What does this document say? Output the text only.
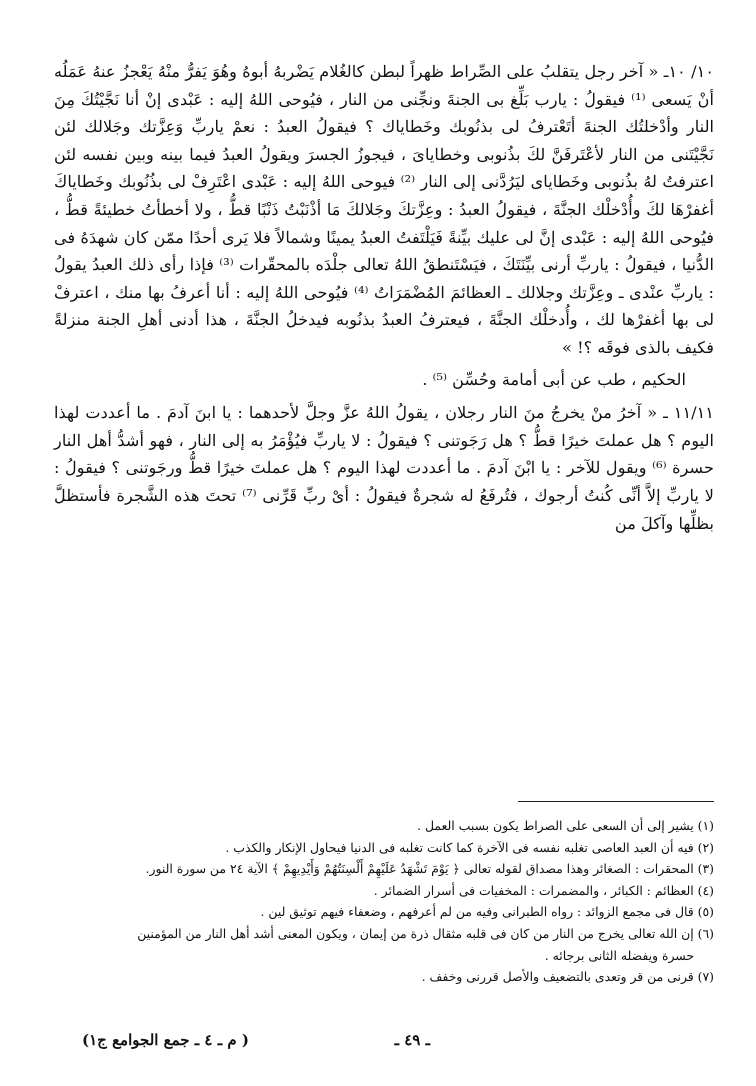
١٠/ ١٠ـ « آخر رجل يتقلبُ على الصِّراط ظهراً لبطن كالغُلام يَضْربهُ أبوهُ وهُوَ يَفرُّ منْهُ يَعْجزُ عنهُ عَمَلُه أنْ يَسعى ⁽¹⁾ فيقولُ : يارب بَلِّغ بى الجنةَ ونجِّنى من النار ، فيُوحى اللهُ إليه : عَبْدى إنْ أنا نَجَّيْتُكَ مِنَ النار وأدْخلتُك الجنةَ أتَعْترفُ لى بذنُوبك وخَطاياك ؟ فيقولُ العبدُ : نعمْ ياربِّ وَعِزَّتك وجَلالك لئن نَجَّيْتَنى من النار لأعْتَرفَنَّ لكَ بذُنوبى وخطاياىَ ، فيجوزُ الجسرَ ويقولُ العبدُ فيما بينه وبين نفسه لئن اعترفتُ لهُ بذُنوبى وخَطاياى ليَرُدَّنى إلى النار ⁽²⁾ فيوحى اللهُ إليه : عَبْدى اعْتَرِفْ لى بذُنُوبك وخَطاياكَ أغفرْهَا لكَ وأُدْخلْك الجنَّةَ ، فيقولُ العبدُ : وعِزَّتكَ وجَلالكَ مَا أذْنَبْتُ ذَنْبًا قطُّ ، ولا أخطأتُ خطيئةً قطُّ ، فيُوحى اللهُ إليه : عَبْدى إنَّ لى عليك بيِّنةً فَيَلْتَفتُ العبدُ يمينًا وشمالاً فلا يَرى أحدًا ممّن كان شهدَهُ فى الدُّنيا ، فيقولُ : ياربِّ أرنى بيِّنَتَكَ ، فيَسْتَنطقُ اللهُ تعالى جلْدَه بالمحقّرات ⁽³⁾ فإذا رأى ذلك العبدُ يقولُ : ياربِّ عنْدى ـ وعِزَّتك وجلالك ـ العظائمَ المُضْمَرَاتُ ⁽⁴⁾ فيُوحى اللهُ إليه : أنا أعرفُ بها منك ، اعترفْ لى بها أغفرْها لك ، وأُدخلْك الجنَّةَ ، فيعترفُ العبدُ بذنُوبه فيدخلُ الجنَّةَ ، هذا أدنى أهلِ الجنة منزلةً فكيف بالذى فوقَه ؟! »

الحكيم ، طب عن أبى أمامة وحُسِّن ⁽⁵⁾ .

١١/١١ ـ « آخرُ منْ يخرجُ منَ النار رجلان ، يقولُ اللهُ عزَّ وجلَّ لأحدهما : يا ابنَ آدمَ . ما أعددت لهذا اليوم ؟ هل عملتَ خيرًا قطُّ ؟ هل رَجَوتنى ؟ فيقولُ : لا ياربِّ فيُؤْمَرُ به إلى النار ، فهو أشدُّ أهل النار حسرة ⁽⁶⁾ ويقول للآخر : يا ابْنَ آدمَ . ما أعددت لهذا اليوم ؟ هل عملتَ خيرًا قطُّ ورجَوتنى ؟ فيقولُ : لا ياربِّ إلاَّ أنِّى كُنتُ أرجوك ، فتُرفَعُ له شجرةٌ فيقولُ : أىْ ربِّ قَرِّنى ⁽⁷⁾ تحتَ هذه الشَّجرة فأستظلَّ بظلِّها وآكلَ من

(١) يشير إلى أن السعى على الصراط يكون بسبب العمل .

(٢) فيه أن العبد العاصى تغلبه نفسه فى الآخرة كما كانت تغلبه فى الدنيا فيحاول الإنكار والكذب .

(٣) المحقرات : الصغائر وهذا مصداق لقوله تعالى ﴿ يَوْمَ تَشْهَدُ عَلَيْهِمْ أَلْسِنَتُهُمْ وَأَيْدِيهِمْ ﴾ الآية ٢٤ من سورة النور.

(٤) العظائم : الكبائر ، والمضمرات : المخفيات فى أسرار الضمائر .

(٥) قال فى مجمع الزوائد : رواه الطبرانى وفيه من لم أعرفهم ، وضعفاء فيهم توثيق لين .

(٦) إن الله تعالى يخرج من النار من كان فى قلبه مثقال ذرة من إيمان ، ويكون المعنى أشد أهل النار من المؤمنين

حسرة ويفضله الثانى برجائه .

(٧) قرنى من قر وتعدى بالتضعيف والأصل قررنى وخفف .

ـ ٤٩ ـ
( م ـ ٤ ـ جمع الجوامع ج١)
